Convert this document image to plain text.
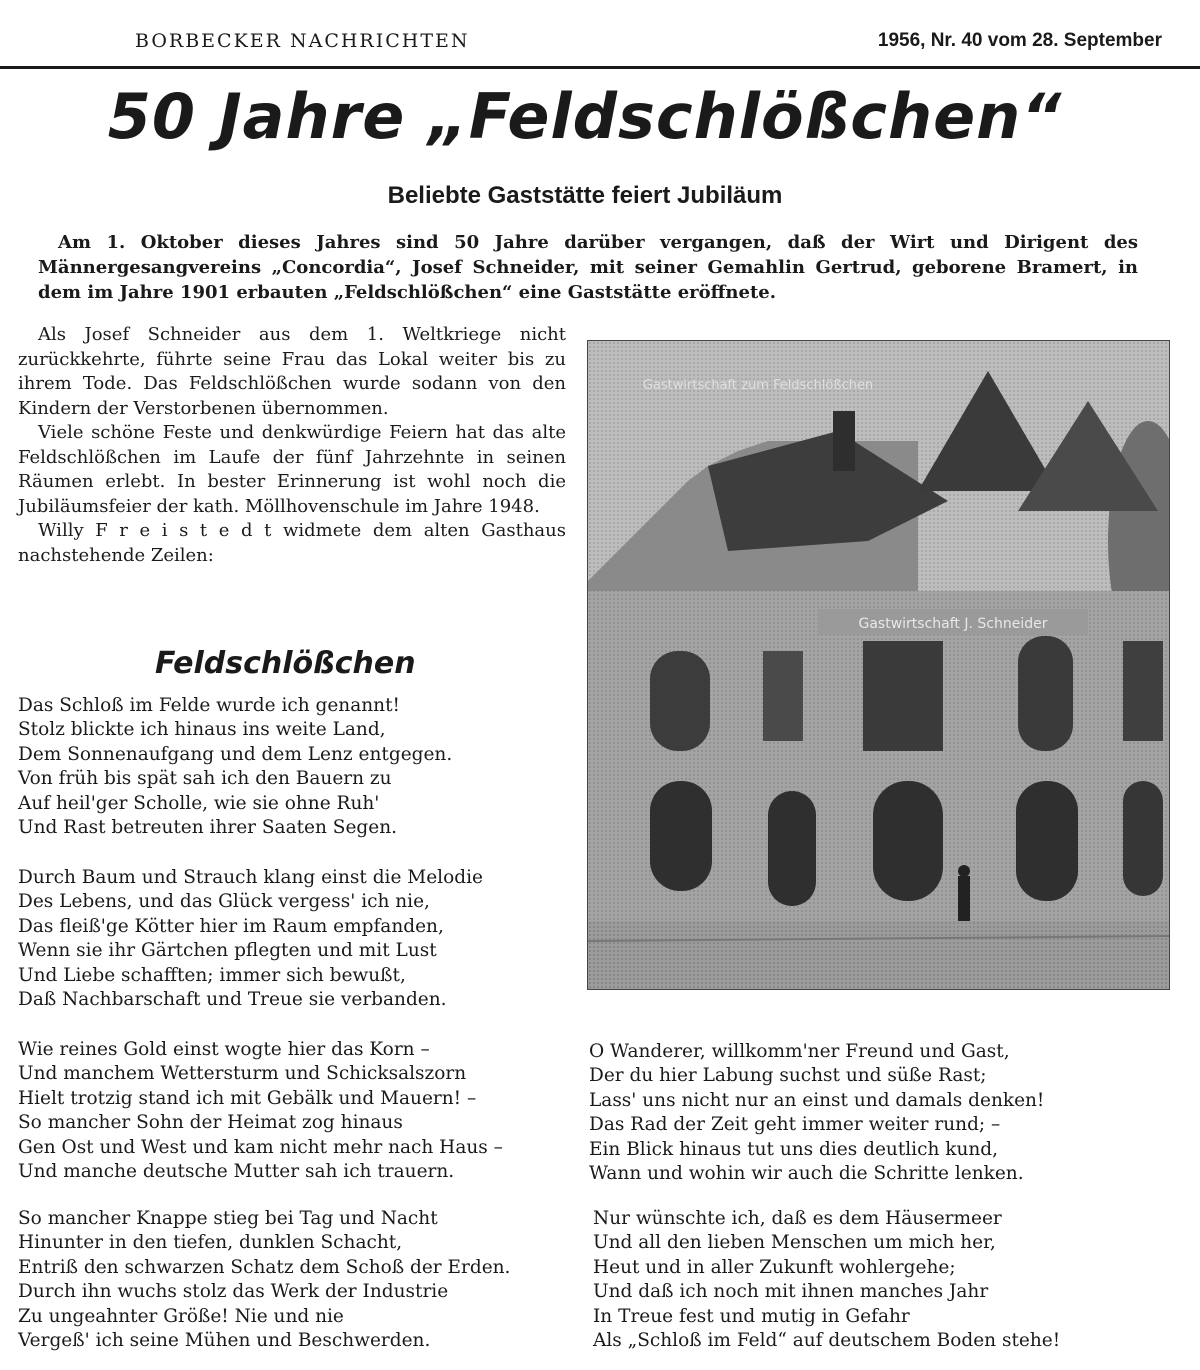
BORBECKER NACHRICHTEN	1956, Nr. 40 vom 28. September
50 Jahre „Feldschlößchen“
Beliebte Gaststätte feiert Jubiläum
Am 1. Oktober dieses Jahres sind 50 Jahre darüber vergangen, daß der Wirt und Dirigent des Männergesangvereins „Concordia“, Josef Schneider, mit seiner Gemahlin Gertrud, geborene Bramert, in dem im Jahre 1901 erbauten „Feldschlößchen“ eine Gaststätte eröffnete.

Als Josef Schneider aus dem 1. Weltkriege nicht zurückkehrte, führte seine Frau das Lokal weiter bis zu ihrem Tode. Das Feldschlößchen wurde sodann von den Kindern der Verstorbenen übernommen.

Viele schöne Feste und denkwürdige Feiern hat das alte Feldschlößchen im Laufe der fünf Jahrzehnte in seinen Räumen erlebt. In bester Erinnerung ist wohl noch die Jubiläumsfeier der kath. Möllhovenschule im Jahre 1948.

Willy F r e i s t e d t widmete dem alten Gasthaus nachstehende Zeilen:

Feldschlößchen
Das Schloß im Felde wurde ich genannt!
Stolz blickte ich hinaus ins weite Land,
Dem Sonnenaufgang und dem Lenz entgegen.
Von früh bis spät sah ich den Bauern zu
Auf heil'ger Scholle, wie sie ohne Ruh'
Und Rast betreuten ihrer Saaten Segen.
Durch Baum und Strauch klang einst die Melodie
Des Lebens, und das Glück vergess' ich nie,
Das fleiß'ge Kötter hier im Raum empfanden,
Wenn sie ihr Gärtchen pflegten und mit Lust
Und Liebe schafften; immer sich bewußt,
Daß Nachbarschaft und Treue sie verbanden.
Wie reines Gold einst wogte hier das Korn –
Und manchem Wettersturm und Schicksalszorn
Hielt trotzig stand ich mit Gebälk und Mauern! –
So mancher Sohn der Heimat zog hinaus
Gen Ost und West und kam nicht mehr nach Haus –
Und manche deutsche Mutter sah ich trauern.
So mancher Knappe stieg bei Tag und Nacht
Hinunter in den tiefen, dunklen Schacht,
Entriß den schwarzen Schatz dem Schoß der Erden.
Durch ihn wuchs stolz das Werk der Industrie
Zu ungeahnter Größe! Nie und nie
Vergeß' ich seine Mühen und Beschwerden.
O Wanderer, willkomm'ner Freund und Gast,
Der du hier Labung suchst und süße Rast;
Lass' uns nicht nur an einst und damals denken!
Das Rad der Zeit geht immer weiter rund; –
Ein Blick hinaus tut uns dies deutlich kund,
Wann und wohin wir auch die Schritte lenken.
Nur wünschte ich, daß es dem Häusermeer
Und all den lieben Menschen um mich her,
Heut und in aller Zukunft wohlergehe;
Und daß ich noch mit ihnen manches Jahr
In Treue fest und mutig in Gefahr
Als „Schloß im Feld“ auf deutschem Boden stehe!
Gastwirtschaft J. Schneider
Gastwirtschaft zum Feldschlößchen
